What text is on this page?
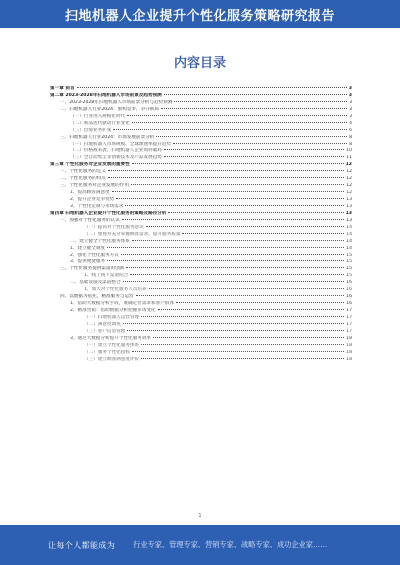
扫地机器人企业提升个性化服务策略研究报告
内容目录
第一章 前言	3
第二章 2023-2028年扫地机器人市场前景及趋势预测	3
一、2023-2028年扫地机器人市场前景分析与趋势预测	3
二、扫地机器人行业2024：重构竞争，争夺新局	3
（一）行业进入规模化时代	3
（二）新品迭代驱动行业变化	4
（三）出海业务扩张	6
三、扫地机器人行业2024：市场发展前景分析	8
（一）扫地机器人市场规模、全球渗透率提升趋势	8
（二）价格战来袭，扫地机器人企业如何破局	10
（三）全自动集尘等创新技术及产品发展趋势	11
第三章 个性化服务对企业发展的重要性	12
一、个性化服务的定义	12
二、个性化服务的特点	12
三、个性化服务对企业发展的作用	12
1、提高顾客满意度	12
2、提升企业竞争优势	13
3、个性化定制与市场需求	13
第四章 扫地机器人企业提升个性化服务的策略及路径分析	13
一、加强对个性化服务的认识	13
（一）提高对个性化服务意识	14
（二）重视并充分掌握顾客需求，提升服务质量	14
二、建立健全个性化服务体系	14
1、建立健全制度	14
2、强化个性化服务方式	15
3、提供便捷服务	15
三、个性化服务提供渠道的创新	15
1、线上线下渠道结合	15
二、基础设施及渠道整合	16
1、加大对个性化服务人员培养	16
四、以数据为依托，精准服务与运营	16
1、借助大数据分析手段，准确定位需求和客户群体	16
2、精准营销：借助数据分析把握市场变化	17
（一）扫地机器人运营管理	17
（二）满意度调查	17
（三）客户信息管理	17
3、通过大数据分析提升个性化服务效率	18
（一）建立个性化服务体系	18
（二）服务个性化指标	18
（三）建立顾客满意度评价	18
1
让每个人都能成为	行业专家、管理专家、营销专家、战略专家、成功企业家……
